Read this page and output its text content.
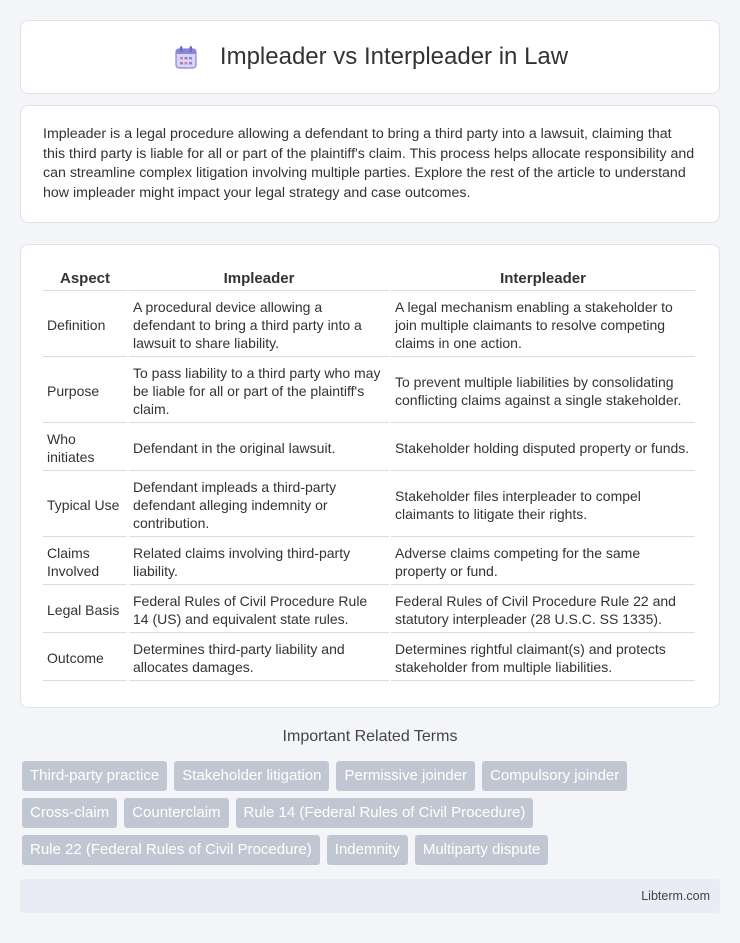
Impleader vs Interpleader in Law

Impleader is a legal procedure allowing a defendant to bring a third party into a lawsuit, claiming that this third party is liable for all or part of the plaintiff's claim. This process helps allocate responsibility and can streamline complex litigation involving multiple parties. Explore the rest of the article to understand how impleader might impact your legal strategy and case outcomes.

Aspect	Impleader	Interpleader
Definition	A procedural device allowing a defendant to bring a third party into a lawsuit to share liability.	A legal mechanism enabling a stakeholder to join multiple claimants to resolve competing claims in one action.
Purpose	To pass liability to a third party who may be liable for all or part of the plaintiff's claim.	To prevent multiple liabilities by consolidating conflicting claims against a single stakeholder.
Who initiates	Defendant in the original lawsuit.	Stakeholder holding disputed property or funds.
Typical Use	Defendant impleads a third-party defendant alleging indemnity or contribution.	Stakeholder files interpleader to compel claimants to litigate their rights.
Claims Involved	Related claims involving third-party liability.	Adverse claims competing for the same property or fund.
Legal Basis	Federal Rules of Civil Procedure Rule 14 (US) and equivalent state rules.	Federal Rules of Civil Procedure Rule 22 and statutory interpleader (28 U.S.C. SS 1335).
Outcome	Determines third-party liability and allocates damages.	Determines rightful claimant(s) and protects stakeholder from multiple liabilities.
Important Related Terms
Third-party practice	Stakeholder litigation	Permissive joinder	Compulsory joinder
Cross-claim	Counterclaim	Rule 14 (Federal Rules of Civil Procedure)
Rule 22 (Federal Rules of Civil Procedure)	Indemnity	Multiparty dispute
Libterm.com
